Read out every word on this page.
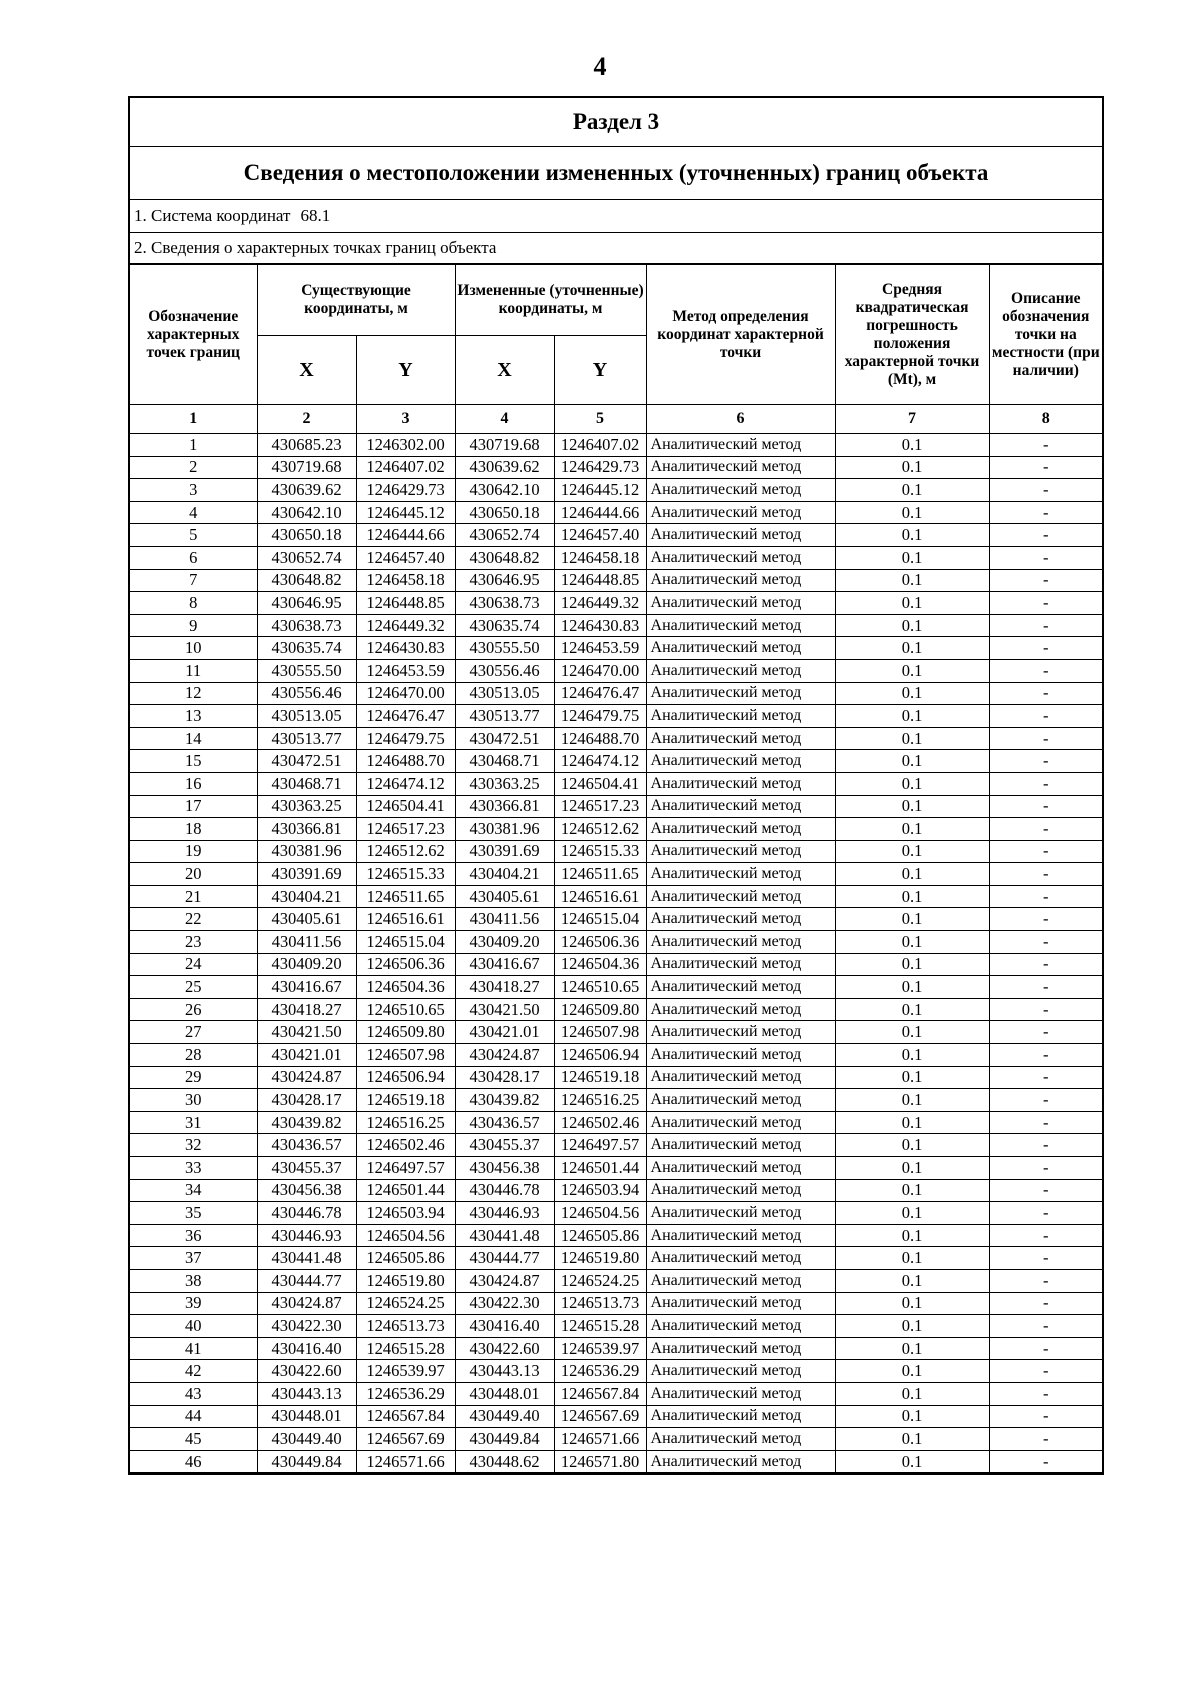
4
Раздел 3
Сведения о местоположении измененных (уточненных) границ объекта
1. Система координат 68.1
2. Сведения о характерных точках границ объекта
Обозначение характерных точек границ	Существующие координаты, м		Измененные (уточненные) координаты, м		Метод определения координат характерной точки	Средняя квадратическая погрешность положения характерной точки (Mt), м	Описание обозначения точки на местности (при наличии)
	X	Y	X	Y			
1	2	3	4	5	6	7	8
1	430685.23	1246302.00	430719.68	1246407.02	Аналитический метод	0.1	-
2	430719.68	1246407.02	430639.62	1246429.73	Аналитический метод	0.1	-
3	430639.62	1246429.73	430642.10	1246445.12	Аналитический метод	0.1	-
4	430642.10	1246445.12	430650.18	1246444.66	Аналитический метод	0.1	-
5	430650.18	1246444.66	430652.74	1246457.40	Аналитический метод	0.1	-
6	430652.74	1246457.40	430648.82	1246458.18	Аналитический метод	0.1	-
7	430648.82	1246458.18	430646.95	1246448.85	Аналитический метод	0.1	-
8	430646.95	1246448.85	430638.73	1246449.32	Аналитический метод	0.1	-
9	430638.73	1246449.32	430635.74	1246430.83	Аналитический метод	0.1	-
10	430635.74	1246430.83	430555.50	1246453.59	Аналитический метод	0.1	-
11	430555.50	1246453.59	430556.46	1246470.00	Аналитический метод	0.1	-
12	430556.46	1246470.00	430513.05	1246476.47	Аналитический метод	0.1	-
13	430513.05	1246476.47	430513.77	1246479.75	Аналитический метод	0.1	-
14	430513.77	1246479.75	430472.51	1246488.70	Аналитический метод	0.1	-
15	430472.51	1246488.70	430468.71	1246474.12	Аналитический метод	0.1	-
16	430468.71	1246474.12	430363.25	1246504.41	Аналитический метод	0.1	-
17	430363.25	1246504.41	430366.81	1246517.23	Аналитический метод	0.1	-
18	430366.81	1246517.23	430381.96	1246512.62	Аналитический метод	0.1	-
19	430381.96	1246512.62	430391.69	1246515.33	Аналитический метод	0.1	-
20	430391.69	1246515.33	430404.21	1246511.65	Аналитический метод	0.1	-
21	430404.21	1246511.65	430405.61	1246516.61	Аналитический метод	0.1	-
22	430405.61	1246516.61	430411.56	1246515.04	Аналитический метод	0.1	-
23	430411.56	1246515.04	430409.20	1246506.36	Аналитический метод	0.1	-
24	430409.20	1246506.36	430416.67	1246504.36	Аналитический метод	0.1	-
25	430416.67	1246504.36	430418.27	1246510.65	Аналитический метод	0.1	-
26	430418.27	1246510.65	430421.50	1246509.80	Аналитический метод	0.1	-
27	430421.50	1246509.80	430421.01	1246507.98	Аналитический метод	0.1	-
28	430421.01	1246507.98	430424.87	1246506.94	Аналитический метод	0.1	-
29	430424.87	1246506.94	430428.17	1246519.18	Аналитический метод	0.1	-
30	430428.17	1246519.18	430439.82	1246516.25	Аналитический метод	0.1	-
31	430439.82	1246516.25	430436.57	1246502.46	Аналитический метод	0.1	-
32	430436.57	1246502.46	430455.37	1246497.57	Аналитический метод	0.1	-
33	430455.37	1246497.57	430456.38	1246501.44	Аналитический метод	0.1	-
34	430456.38	1246501.44	430446.78	1246503.94	Аналитический метод	0.1	-
35	430446.78	1246503.94	430446.93	1246504.56	Аналитический метод	0.1	-
36	430446.93	1246504.56	430441.48	1246505.86	Аналитический метод	0.1	-
37	430441.48	1246505.86	430444.77	1246519.80	Аналитический метод	0.1	-
38	430444.77	1246519.80	430424.87	1246524.25	Аналитический метод	0.1	-
39	430424.87	1246524.25	430422.30	1246513.73	Аналитический метод	0.1	-
40	430422.30	1246513.73	430416.40	1246515.28	Аналитический метод	0.1	-
41	430416.40	1246515.28	430422.60	1246539.97	Аналитический метод	0.1	-
42	430422.60	1246539.97	430443.13	1246536.29	Аналитический метод	0.1	-
43	430443.13	1246536.29	430448.01	1246567.84	Аналитический метод	0.1	-
44	430448.01	1246567.84	430449.40	1246567.69	Аналитический метод	0.1	-
45	430449.40	1246567.69	430449.84	1246571.66	Аналитический метод	0.1	-
46	430449.84	1246571.66	430448.62	1246571.80	Аналитический метод	0.1	-
